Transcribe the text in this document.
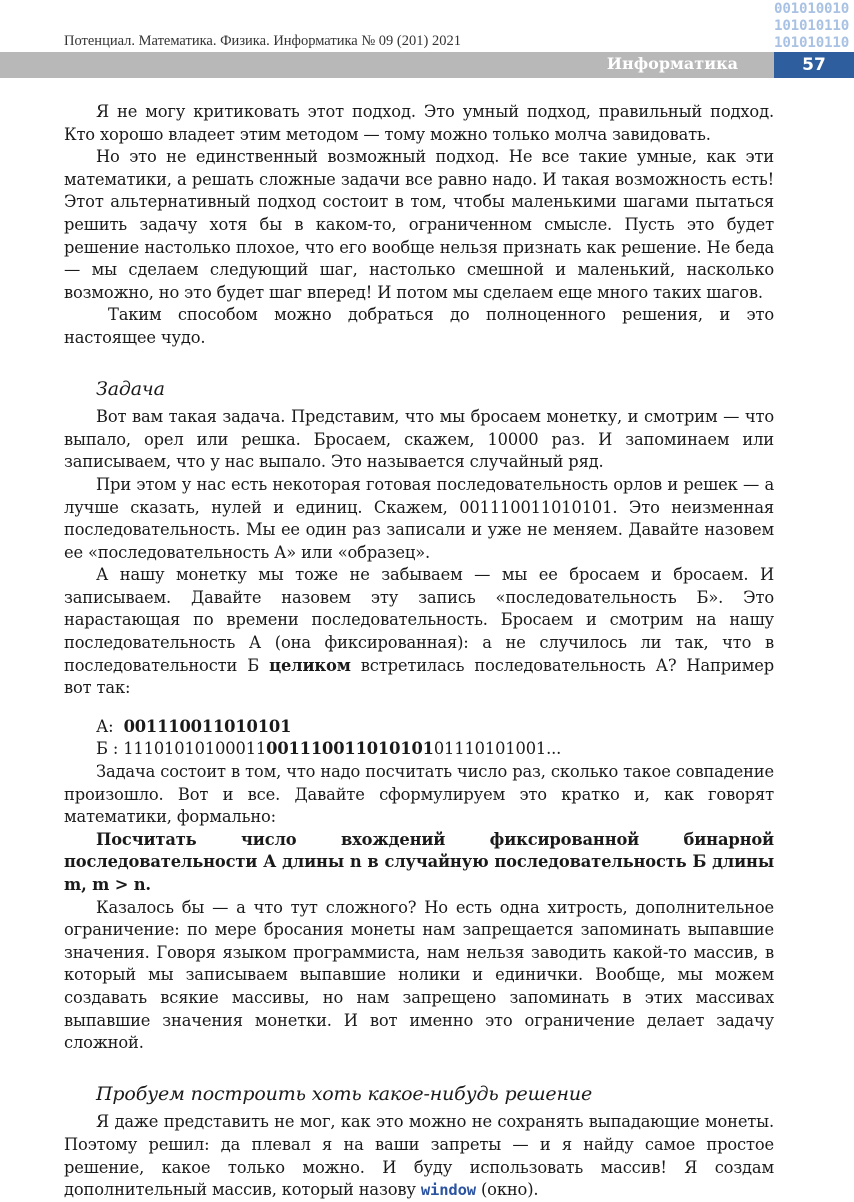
Потенциал. Математика. Физика. Информатика № 09 (201) 2021
001010010
101010110
101010110
Информатика	57

Я не могу критиковать этот подход. Это умный подход, правильный подход. Кто хорошо владеет этим методом — тому можно только молча завидовать.

Но это не единственный возможный подход. Не все такие умные, как эти математики, а решать сложные задачи все равно надо. И такая возможность есть! Этот альтернативный подход состоит в том, чтобы маленькими шагами пытаться решить задачу хотя бы в каком-то, ограниченном смысле. Пусть это будет решение настолько плохое, что его вообще нельзя признать как решение. Не беда — мы сделаем следующий шаг, настолько смешной и маленький, насколько возможно, но это будет шаг вперед! И потом мы сделаем еще много таких шагов.

Таким способом можно добраться до полноценного решения, и это настоящее чудо.

Задача

Вот вам такая задача. Представим, что мы бросаем монетку, и смотрим — что выпало, орел или решка. Бросаем, скажем, 10000 раз. И запоминаем или записываем, что у нас выпало. Это называется случайный ряд.

При этом у нас есть некоторая готовая последовательность орлов и решек — а лучше сказать, нулей и единиц. Скажем, 001110011010101. Это неизменная последовательность. Мы ее один раз записали и уже не меняем. Давайте назовем ее «последовательность А» или «образец».

А нашу монетку мы тоже не забываем — мы ее бросаем и бросаем. И записываем. Давайте назовем эту запись «последовательность Б». Это нарастающая по времени последовательность. Бросаем и смотрим на нашу последовательность А (она фиксированная): а не случилось ли так, что в последовательности Б целиком встретилась последовательность А? Например вот так:

А: 001110011010101
Б : 1110101010001100111001101010101110101001...

Задача состоит в том, что надо посчитать число раз, сколько такое совпадение произошло. Вот и все. Давайте сформулируем это кратко и, как говорят математики, формально:

Посчитать число вхождений фиксированной бинарной последовательности А длины n в случайную последовательность Б длины m, m > n.

Казалось бы — а что тут сложного? Но есть одна хитрость, дополнительное ограничение: по мере бросания монеты нам запрещается запоминать выпавшие значения. Говоря языком программиста, нам нельзя заводить какой-то массив, в который мы записываем выпавшие нолики и единички. Вообще, мы можем создавать всякие массивы, но нам запрещено запоминать в этих массивах выпавшие значения монетки. И вот именно это ограничение делает задачу сложной.

Пробуем построить хоть какое-нибудь решение

Я даже представить не мог, как это можно не сохранять выпадающие монеты. Поэтому решил: да плевал я на ваши запреты — и я найду самое простое решение, какое только можно. И буду использовать массив! Я создам дополнительный массив, который назову window (окно).
